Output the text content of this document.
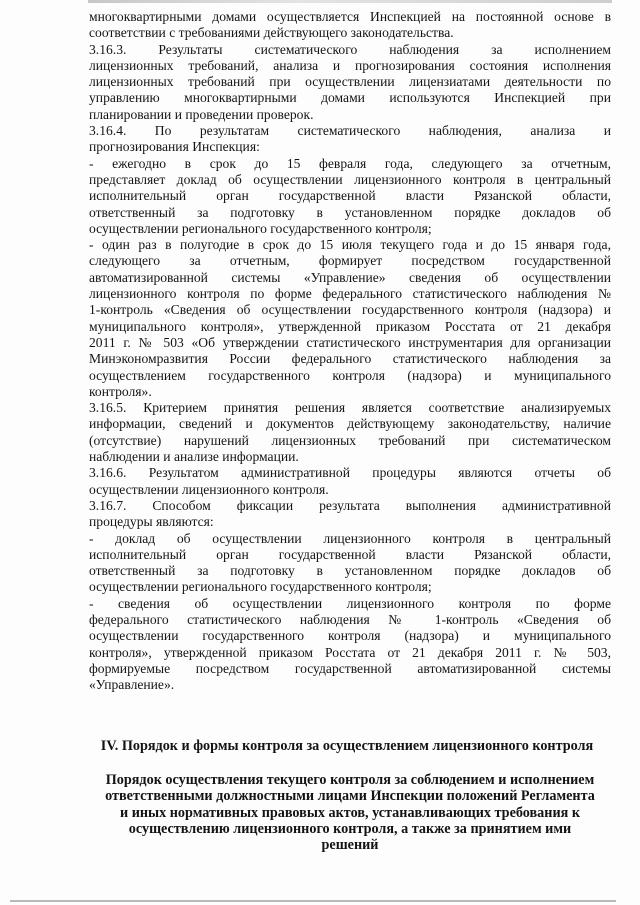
многоквартирными домами осуществляется Инспекцией на постоянной основе в
соответствии с требованиями действующего законодательства.
3.16.3. Результаты систематического наблюдения за исполнением
лицензионных требований, анализа и прогнозирования состояния исполнения
лицензионных требований при осуществлении лицензиатами деятельности по
управлению многоквартирными домами используются Инспекцией при
планировании и проведении проверок.
3.16.4. По результатам систематического наблюдения, анализа и
прогнозирования Инспекция:
- ежегодно в срок до 15 февраля года, следующего за отчетным,
представляет доклад об осуществлении лицензионного контроля в центральный
исполнительный орган государственной власти Рязанской области,
ответственный за подготовку в установленном порядке докладов об
осуществлении регионального государственного контроля;
- один раз в полугодие в срок до 15 июля текущего года и до 15 января года,
следующего за отчетным, формирует посредством государственной
автоматизированной системы «Управление» сведения об осуществлении
лицензионного контроля по форме федерального статистического наблюдения №
1-контроль «Сведения об осуществлении государственного контроля (надзора) и
муниципального контроля», утвержденной приказом Росстата от 21 декабря
2011 г. № 503 «Об утверждении статистического инструментария для организации
Минэкономразвития России федерального статистического наблюдения за
осуществлением государственного контроля (надзора) и муниципального
контроля».
3.16.5. Критерием принятия решения является соответствие анализируемых
информации, сведений и документов действующему законодательству, наличие
(отсутствие) нарушений лицензионных требований при систематическом
наблюдении и анализе информации.
3.16.6. Результатом административной процедуры являются отчеты об
осуществлении лицензионного контроля.
3.16.7. Способом фиксации результата выполнения административной
процедуры являются:
- доклад об осуществлении лицензионного контроля в центральный
исполнительный орган государственной власти Рязанской области,
ответственный за подготовку в установленном порядке докладов об
осуществлении регионального государственного контроля;
- сведения об осуществлении лицензионного контроля по форме
федерального статистического наблюдения № 1-контроль «Сведения об
осуществлении государственного контроля (надзора) и муниципального
контроля», утвержденной приказом Росстата от 21 декабря 2011 г. № 503,
формируемые посредством государственной автоматизированной системы
«Управление».
IV. Порядок и формы контроля за осуществлением лицензионного контроля
Порядок осуществления текущего контроля за соблюдением и исполнением
ответственными должностными лицами Инспекции положений Регламента
и иных нормативных правовых актов, устанавливающих требования к
осуществлению лицензионного контроля, а также за принятием ими
решений
